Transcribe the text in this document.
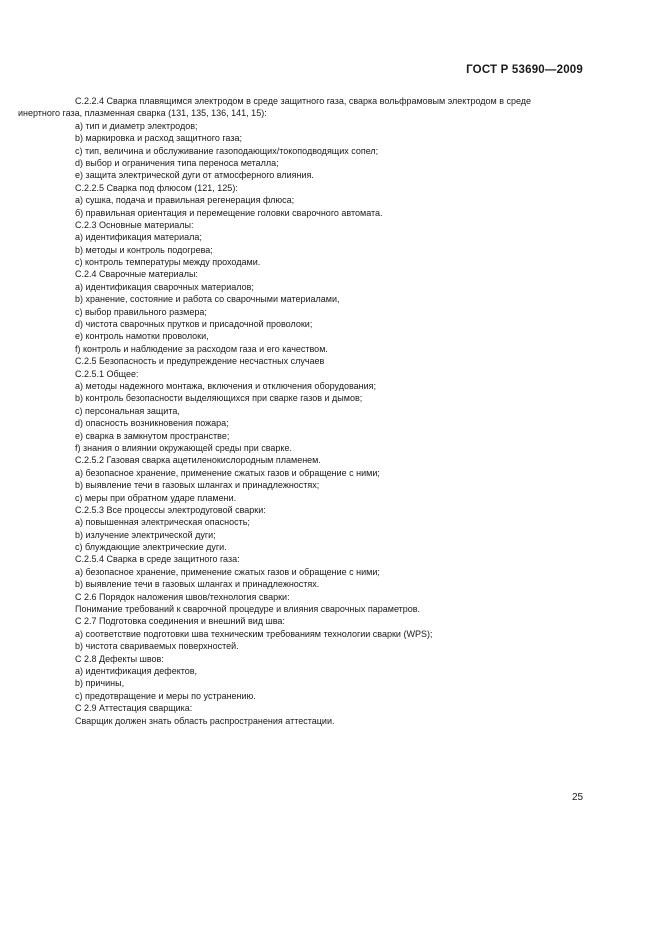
ГОСТ Р 53690—2009
C.2.2.4 Сварка плавящимся электродом в среде защитного газа, сварка вольфрамовым электродом в среде
инертного газа, плазменная сварка (131, 135, 136, 141, 15):
a) тип и диаметр электродов;
b) маркировка и расход защитного газа;
c) тип, величина и обслуживание газоподающих/токоподводящих сопел;
d) выбор и ограничения типа переноса металла;
e) защита электрической дуги от атмосферного влияния.
C.2.2.5 Сварка под флюсом (121, 125):
a) сушка, подача и правильная регенерация флюса;
б) правильная ориентация и перемещение головки сварочного автомата.
C.2.3 Основные материалы:
a) идентификация материала;
b) методы и контроль подогрева;
c) контроль температуры между проходами.
C.2.4 Сварочные материалы:
a) идентификация сварочных материалов;
b) хранение, состояние и работа со сварочными материалами,
c) выбор правильного размера;
d) чистота сварочных прутков и присадочной проволоки;
e) контроль намотки проволоки,
f) контроль и наблюдение за расходом газа и его качеством.
C.2.5 Безопасность и предупреждение несчастных случаев
C.2.5.1 Общее:
a) методы надежного монтажа, включения и отключения оборудования;
b) контроль безопасности выделяющихся при сварке газов и дымов;
c) персональная защита,
d) опасность возникновения пожара;
e) сварка в замкнутом пространстве;
f) знания о влиянии окружающей среды при сварке.
C.2.5.2 Газовая сварка ацетиленокислородным пламенем.
a) безопасное хранение, применение сжатых газов и обращение с ними;
b) выявление течи в газовых шлангах и принадлежностях;
c) меры при обратном ударе пламени.
C.2.5.3 Все процессы электродуговой сварки:
a) повышенная электрическая опасность;
b) излучение электрической дуги;
c) блуждающие электрические дуги.
C.2.5.4 Сварка в среде защитного газа:
a) безопасное хранение, применение сжатых газов и обращение с ними;
b) выявление течи в газовых шлангах и принадлежностях.
C 2.6 Порядок наложения швов/технология сварки:
Понимание требований к сварочной процедуре и влияния сварочных параметров.
C 2.7 Подготовка соединения и внешний вид шва:
a) соответствие подготовки шва техническим требованиям технологии сварки (WPS);
b) чистота свариваемых поверхностей.
C 2.8 Дефекты швов:
a) идентификация дефектов,
b) причины,
c) предотвращение и меры по устранению.
C 2.9 Аттестация сварщика:
Сварщик должен знать область распространения аттестации.
25
